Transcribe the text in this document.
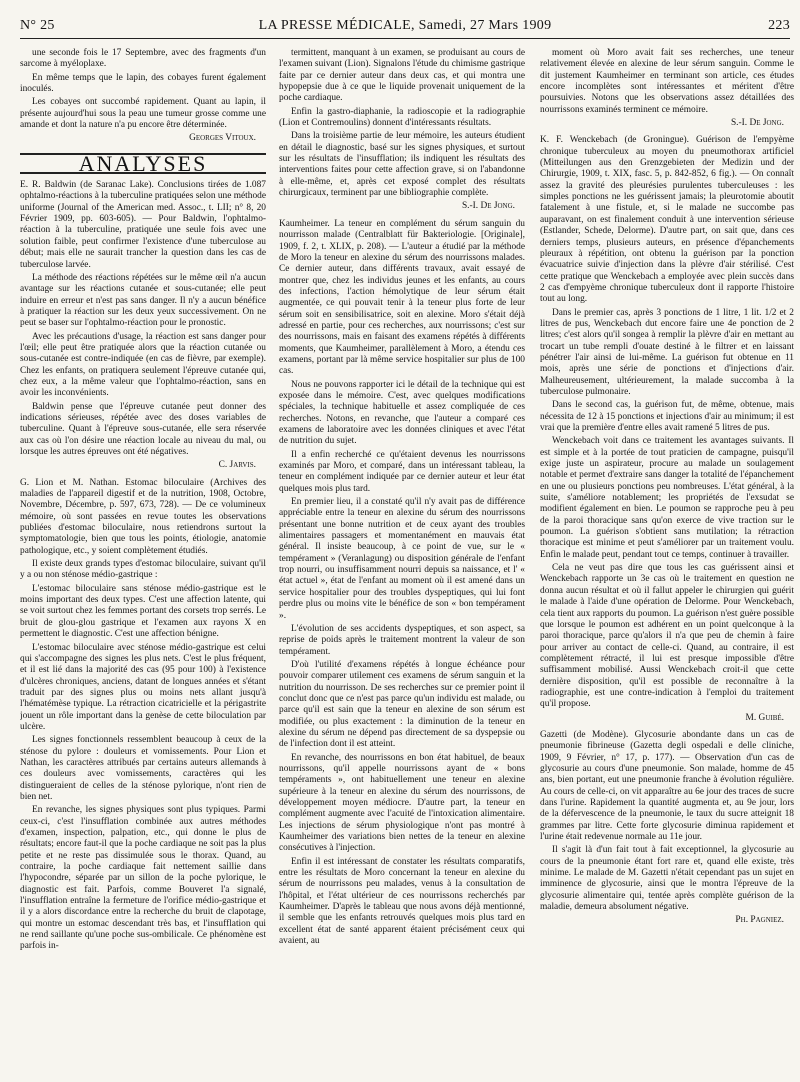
N° 25	LA PRESSE MÉDICALE, Samedi, 27 Mars 1909	223

une seconde fois le 17 Septembre, avec des fragments d'un sarcome à myéloplaxe.

En même temps que le lapin, des cobayes furent également inoculés.

Les cobayes ont succombé rapidement. Quant au lapin, il présente aujourd'hui sous la peau une tumeur grosse comme une amande et dont la nature n'a pu encore être déterminée.

Georges Vitoux.
ANALYSES

E. R. Baldwin (de Saranac Lake). Conclusions tirées de 1.087 ophtalmo-réactions à la tuberculine pratiquées selon une méthode uniforme (Journal of the American med. Assoc., t. LII; n° 8, 20 Février 1909, pp. 603-605). — Pour Baldwin, l'ophtalmo-réaction à la tuberculine, pratiquée une seule fois avec une solution faible, peut confirmer l'existence d'une tuberculose au début; mais elle ne saurait trancher la question dans les cas de tuberculose larvée.

La méthode des réactions répétées sur le même œil n'a aucun avantage sur les réactions cutanée et sous-cutanée; elle peut induire en erreur et n'est pas sans danger. Il n'y a aucun bénéfice à pratiquer la réaction sur les deux yeux successivement. On ne peut se baser sur l'ophtalmo-réaction pour le pronostic.

Avec les précautions d'usage, la réaction est sans danger pour l'œil; elle peut être pratiquée alors que la réaction cutanée ou sous-cutanée est contre-indiquée (en cas de fièvre, par exemple). Chez les enfants, on pratiquera seulement l'épreuve cutanée qui, chez eux, a la même valeur que l'ophtalmo-réaction, sans en avoir les inconvénients.

Baldwin pense que l'épreuve cutanée peut donner des indications sérieuses, répétée avec des doses variables de tuberculine. Quant à l'épreuve sous-cutanée, elle sera réservée aux cas où l'on désire une réaction locale au niveau du mal, ou lorsque les autres épreuves ont été négatives.

C. Jarvis.

G. Lion et M. Nathan. Estomac biloculaire (Archives des maladies de l'appareil digestif et de la nutrition, 1908, Octobre, Novembre, Décembre, p. 597, 673, 728). — De ce volumineux mémoire, où sont passées en revue toutes les observations publiées d'estomac biloculaire, nous retiendrons surtout la symptomatologie, bien que tous les points, étiologie, anatomie pathologique, etc., y soient complètement étudiés.

Il existe deux grands types d'estomac biloculaire, suivant qu'il y a ou non sténose médio-gastrique :

L'estomac biloculaire sans sténose médio-gastrique est le moins important des deux types. C'est une affection latente, qui se voit surtout chez les femmes portant des corsets trop serrés. Le bruit de glou-glou gastrique et l'examen aux rayons X en permettent le diagnostic. C'est une affection bénigne.

L'estomac biloculaire avec sténose médio-gastrique est celui qui s'accompagne des signes les plus nets. C'est le plus fréquent, et il est lié dans la majorité des cas (95 pour 100) à l'existence d'ulcères chroniques, anciens, datant de longues années et s'étant traduit par des signes plus ou moins nets allant jusqu'à l'hématémèse typique. La rétraction cicatricielle et la périgastrite jouent un rôle important dans la genèse de cette biloculation par ulcère.

Les signes fonctionnels ressemblent beaucoup à ceux de la sténose du pylore : douleurs et vomissements. Pour Lion et Nathan, les caractères attribués par certains auteurs allemands à ces douleurs avec vomissements, caractères qui les distingueraient de celles de la sténose pylorique, n'ont rien de bien net.

En revanche, les signes physiques sont plus typiques. Parmi ceux-ci, c'est l'insufflation combinée aux autres méthodes d'examen, inspection, palpation, etc., qui donne le plus de résultats; encore faut-il que la poche cardiaque ne soit pas la plus petite et ne reste pas dissimulée sous le thorax. Quand, au contraire, la poche cardiaque fait nettement saillie dans l'hypocondre, séparée par un sillon de la poche pylorique, le diagnostic est fait. Parfois, comme Bouveret l'a signalé, l'insufflation entraîne la fermeture de l'orifice médio-gastrique et il y a alors discordance entre la recherche du bruit de clapotage, qui montre un estomac descendant très bas, et l'insufflation qui ne rend saillante qu'une poche sus-ombilicale. Ce phénomène est parfois in-

termittent, manquant à un examen, se produisant au cours de l'examen suivant (Lion). Signalons l'étude du chimisme gastrique faite par ce dernier auteur dans deux cas, et qui montra une hypopepsie due à ce que le liquide provenait uniquement de la poche cardiaque.

Enfin la gastro-diaphanie, la radioscopie et la radiographie (Lion et Contremoulins) donnent d'intéressants résultats.

Dans la troisième partie de leur mémoire, les auteurs étudient en détail le diagnostic, basé sur les signes physiques, et surtout sur les résultats de l'insufflation; ils indiquent les résultats des interventions faites pour cette affection grave, si on l'abandonne à elle-même, et, après cet exposé complet des résultats chirurgicaux, terminent par une bibliographie complète.

S.-I. De Jong.

Kaumheimer. La teneur en complément du sérum sanguin du nourrisson malade (Centralblatt für Bakteriologie. [Originale], 1909, f. 2, t. XLIX, p. 208). — L'auteur a étudié par la méthode de Moro la teneur en alexine du sérum des nourrissons malades. Ce dernier auteur, dans différents travaux, avait essayé de montrer que, chez les individus jeunes et les enfants, au cours des infections, l'action hémolytique de leur sérum était augmentée, ce qui pouvait tenir à la teneur plus forte de leur sérum soit en sensibilisatrice, soit en alexine. Moro s'était déjà adressé en partie, pour ces recherches, aux nourrissons; c'est sur des nourrissons, mais en faisant des examens répétés à différents moments, que Kaumheimer, parallèlement à Moro, a étendu ces examens, portant par là même service hospitalier sur plus de 100 cas.

Nous ne pouvons rapporter ici le détail de la technique qui est exposée dans le mémoire. C'est, avec quelques modifications spéciales, la technique habituelle et assez compliquée de ces recherches. Notons, en revanche, que l'auteur a comparé ces examens de laboratoire avec les données cliniques et avec l'état de nutrition du sujet.

Il a enfin recherché ce qu'étaient devenus les nourrissons examinés par Moro, et comparé, dans un intéressant tableau, la teneur en complément indiquée par ce dernier auteur et leur état quelques mois plus tard.

En premier lieu, il a constaté qu'il n'y avait pas de différence appréciable entre la teneur en alexine du sérum des nourrissons présentant une bonne nutrition et de ceux ayant des troubles alimentaires passagers et momentanément en mauvais état général. Il insiste beaucoup, à ce point de vue, sur le « tempérament » (Veranlagung) ou disposition générale de l'enfant trop nourri, ou insuffisamment nourri depuis sa naissance, et l' « état actuel », état de l'enfant au moment où il est amené dans un service hospitalier pour des troubles dyspeptiques, qui lui font perdre plus ou moins vite le bénéfice de son « bon tempérament ».

L'évolution de ses accidents dyspeptiques, et son aspect, sa reprise de poids après le traitement montrent la valeur de son tempérament.

D'où l'utilité d'examens répétés à longue échéance pour pouvoir comparer utilement ces examens de sérum sanguin et la nutrition du nourrisson. De ses recherches sur ce premier point il conclut donc que ce n'est pas parce qu'un individu est malade, ou parce qu'il est sain que la teneur en alexine de son sérum est modifiée, ou plus exactement : la diminution de la teneur en alexine du sérum ne dépend pas directement de sa dyspepsie ou de l'infection dont il est atteint.

En revanche, des nourrissons en bon état habituel, de beaux nourrissons, qu'il appelle nourrissons ayant de « bons tempéraments », ont habituellement une teneur en alexine supérieure à la teneur en alexine du sérum des nourrissons, de développement moyen médiocre. D'autre part, la teneur en complément augmente avec l'acuité de l'intoxication alimentaire. Les injections de sérum physiologique n'ont pas montré à Kaumheimer des variations bien nettes de la teneur en alexine consécutives à l'injection.

Enfin il est intéressant de constater les résultats comparatifs, entre les résultats de Moro concernant la teneur en alexine du sérum de nourrissons peu malades, venus à la consultation de l'hôpital, et l'état ultérieur de ces nourrissons recherchés par Kaumheimer. D'après le tableau que nous avons déjà mentionné, il semble que les enfants retrouvés quelques mois plus tard en excellent état de santé apparent étaient précisément ceux qui avaient, au

moment où Moro avait fait ses recherches, une teneur relativement élevée en alexine de leur sérum sanguin. Comme le dit justement Kaumheimer en terminant son article, ces études encore incomplètes sont intéressantes et méritent d'être poursuivies. Notons que les observations assez détaillées des nourrissons examinés terminent ce mémoire.

S.-I. De Jong.

K. F. Wenckebach (de Groningue). Guérison de l'empyème chronique tuberculeux au moyen du pneumothorax artificiel (Mitteilungen aus den Grenzgebieten der Medizin und der Chirurgie, 1909, t. XIX, fasc. 5, p. 842-852, 6 fig.). — On connaît assez la gravité des pleurésies purulentes tuberculeuses : les simples ponctions ne les guérissent jamais; la pleurotomie aboutit fatalement à une fistule, et, si le malade ne succombe pas auparavant, on est finalement conduit à une intervention sérieuse (Estlander, Schede, Delorme). D'autre part, on sait que, dans ces derniers temps, plusieurs auteurs, en présence d'épanchements pleuraux à répétition, ont obtenu la guérison par la ponction évacuatrice suivie d'injection dans la plèvre d'air stérilisé. C'est cette pratique que Wenckebach a employée avec plein succès dans 2 cas d'empyème chronique tuberculeux dont il rapporte l'histoire tout au long.

Dans le premier cas, après 3 ponctions de 1 litre, 1 lit. 1/2 et 2 litres de pus, Wenckebach dut encore faire une 4e ponction de 2 litres; c'est alors qu'il songea à remplir la plèvre d'air en mettant au trocart un tube rempli d'ouate destiné à le filtrer et en laissant pénétrer l'air ainsi de lui-même. La guérison fut obtenue en 11 mois, après une série de ponctions et d'injections d'air. Malheureusement, ultérieurement, la malade succomba à la tuberculose pulmonaire.

Dans le second cas, la guérison fut, de même, obtenue, mais nécessita de 12 à 15 ponctions et injections d'air au minimum; il est vrai que la première d'entre elles avait ramené 5 litres de pus.

Wenckebach voit dans ce traitement les avantages suivants. Il est simple et à la portée de tout praticien de campagne, puisqu'il exige juste un aspirateur, procure au malade un soulagement notable et permet d'extraire sans danger la totalité de l'épanchement en une ou plusieurs ponctions peu nombreuses. L'état général, à la suite, s'améliore notablement; les propriétés de l'exsudat se modifient également en bien. Le poumon se rapproche peu à peu de la paroi thoracique sans qu'on exerce de vive traction sur le poumon. La guérison s'obtient sans mutilation; la rétraction thoracique est minime et peut s'améliorer par un traitement voulu. Enfin le malade peut, pendant tout ce temps, continuer à travailler.

Cela ne veut pas dire que tous les cas guérissent ainsi et Wenckebach rapporte un 3e cas où le traitement en question ne donna aucun résultat et où il fallut appeler le chirurgien qui guérit le malade à l'aide d'une opération de Delorme. Pour Wenckebach, cela tient aux rapports du poumon. La guérison n'est guère possible que lorsque le poumon est adhérent en un point quelconque à la paroi thoracique, parce qu'alors il n'a que peu de chemin à faire pour arriver au contact de celle-ci. Quand, au contraire, il est complètement rétracté, il lui est presque impossible d'être suffisamment mobilisé. Aussi Wenckebach croit-il que cette dernière disposition, qu'il est possible de reconnaître à la radiographie, est une contre-indication à l'emploi du traitement qu'il propose.

M. Guibé.

Gazetti (de Modène). Glycosurie abondante dans un cas de pneumonie fibrineuse (Gazetta degli ospedali e delle cliniche, 1909, 9 Février, n° 17, p. 177). — Observation d'un cas de glycosurie au cours d'une pneumonie. Son malade, homme de 45 ans, bien portant, eut une pneumonie franche à évolution régulière. Au cours de celle-ci, on vit apparaître au 6e jour des traces de sucre dans l'urine. Rapidement la quantité augmenta et, au 9e jour, lors de la défervescence de la pneumonie, le taux du sucre atteignit 18 grammes par litre. Cette forte glycosurie diminua rapidement et l'urine était redevenue normale au 11e jour.

Il s'agit là d'un fait tout à fait exceptionnel, la glycosurie au cours de la pneumonie étant fort rare et, quand elle existe, très minime. Le malade de M. Gazetti n'était cependant pas un sujet en imminence de glycosurie, ainsi que le montra l'épreuve de la glycosurie alimentaire qui, tentée après complète guérison de la maladie, demeura absolument négative.

Ph. Pagniez.
